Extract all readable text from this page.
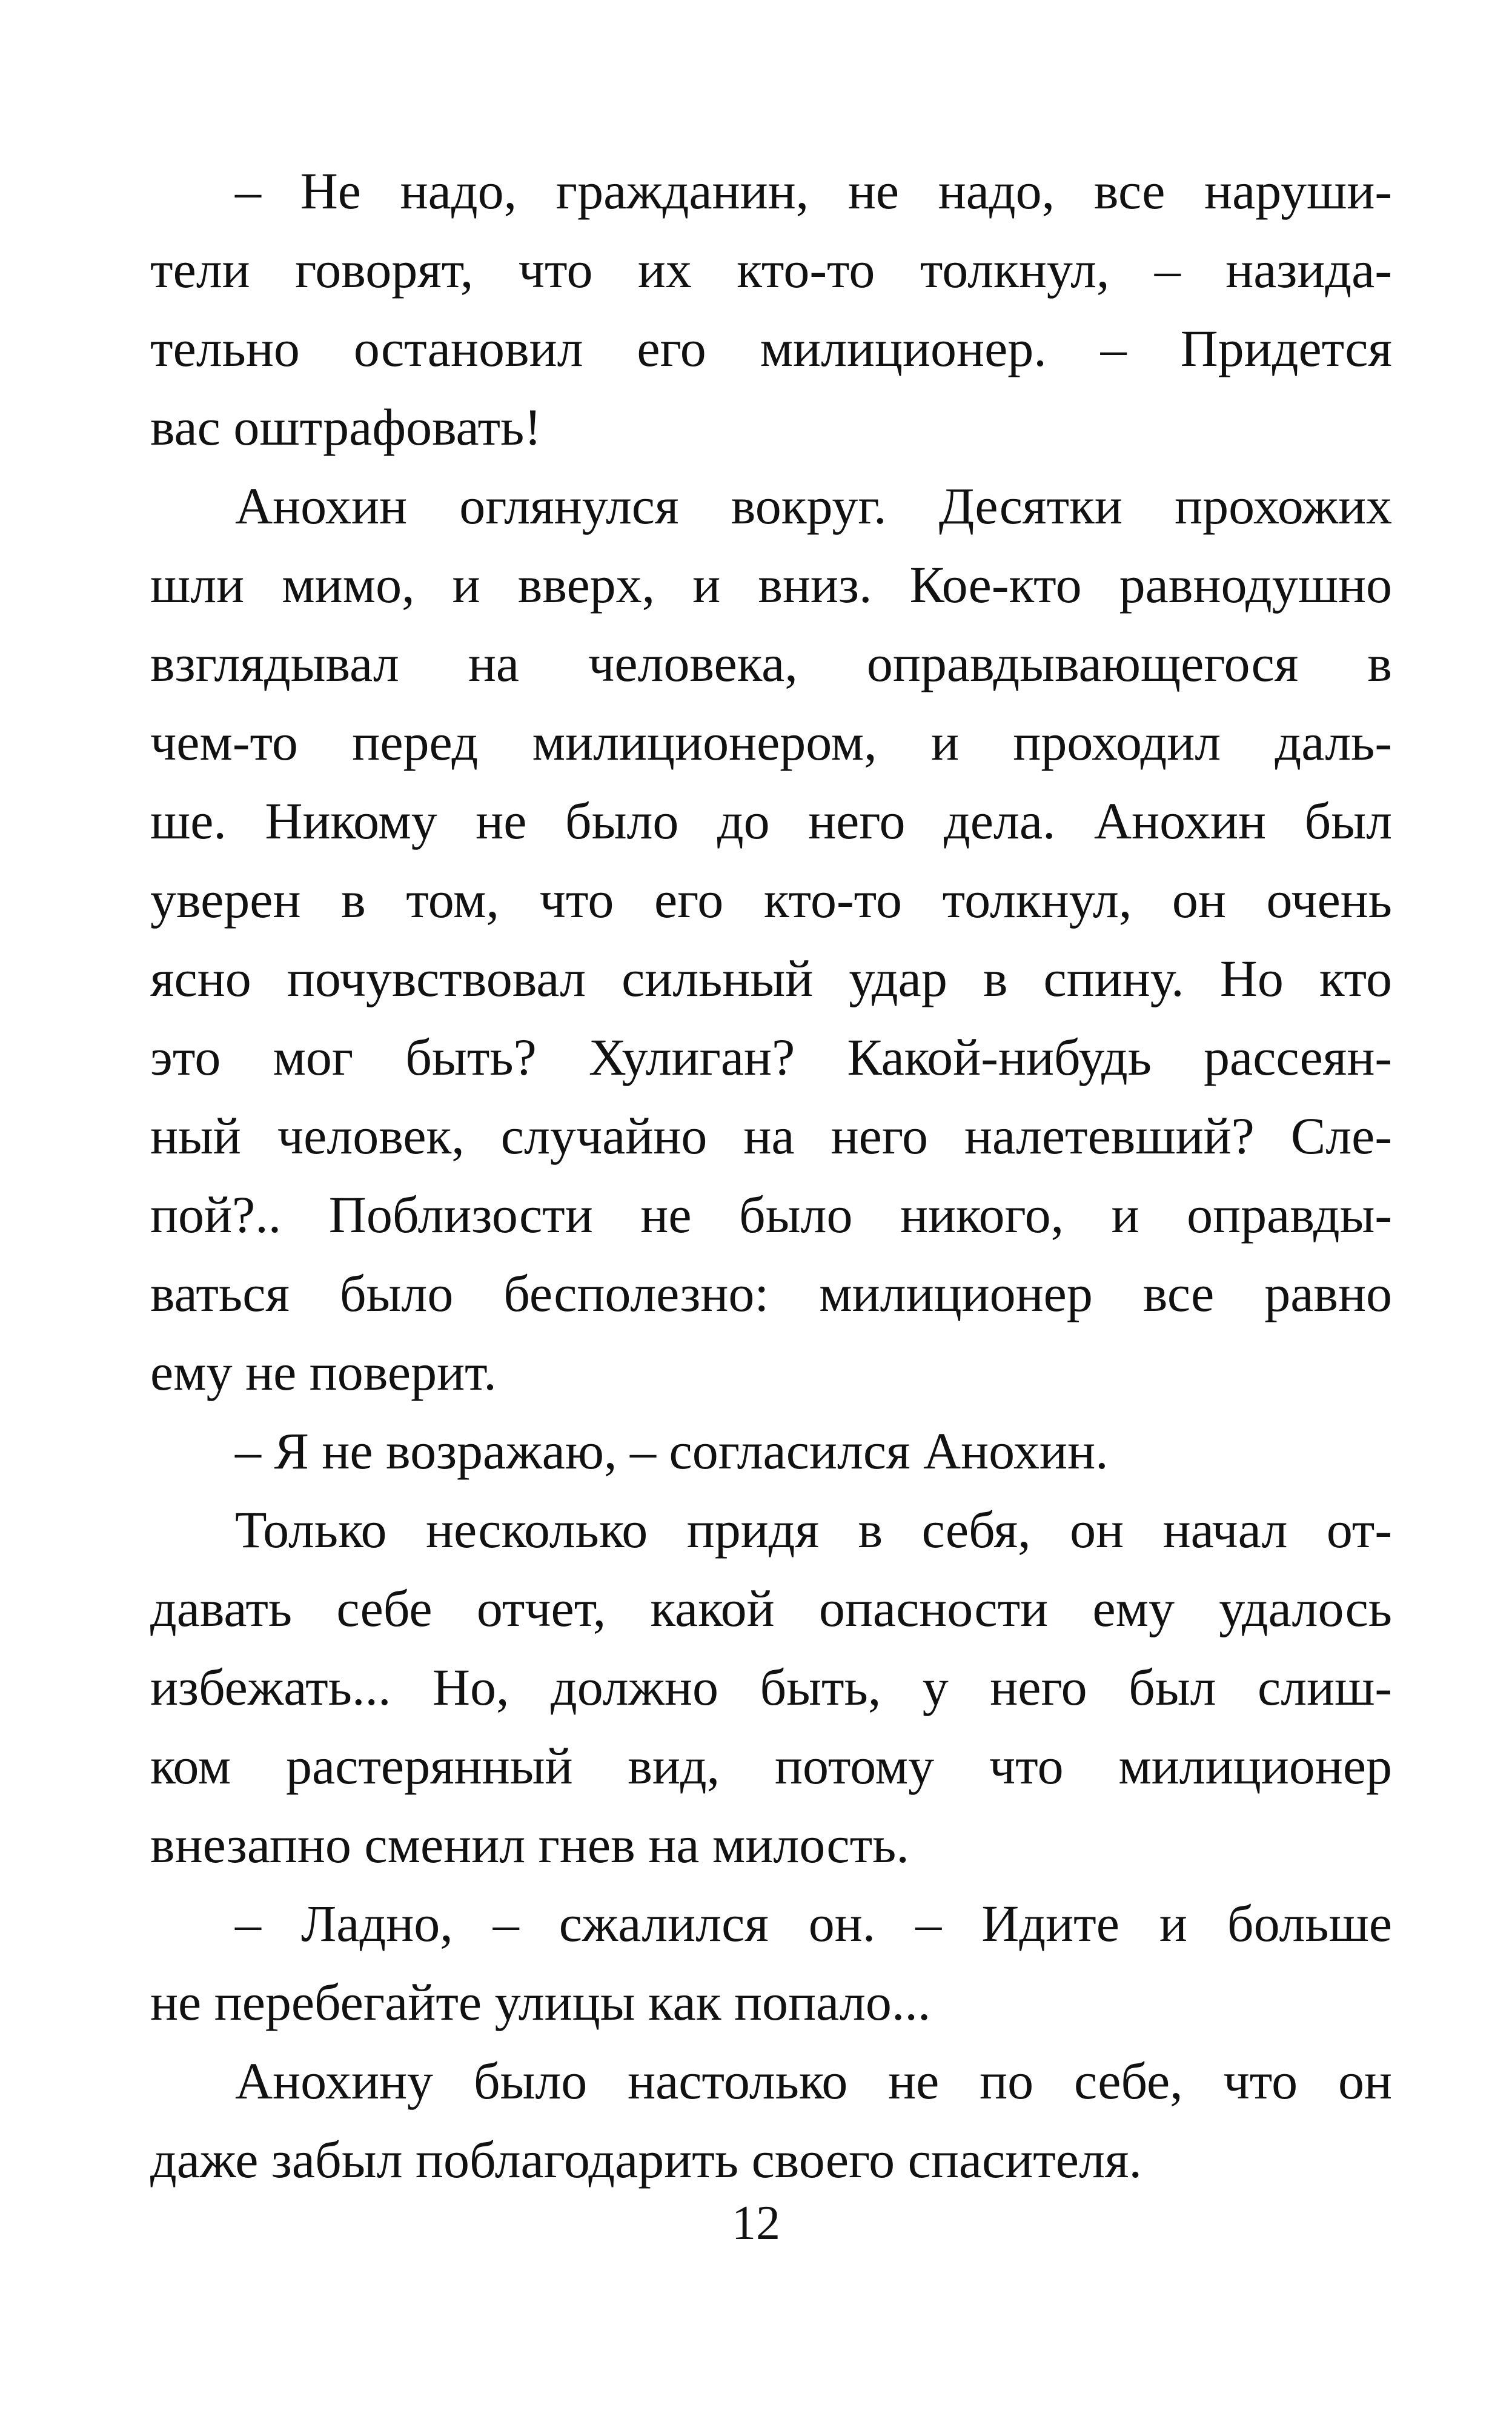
– Не надо, гражданин, не надо, все наруши-
тели говорят, что их кто-то толкнул, – назида-
тельно остановил его милиционер. – Придется
вас оштрафовать!
Анохин оглянулся вокруг. Десятки прохожих
шли мимо, и вверх, и вниз. Кое-кто равнодушно
взглядывал на человека, оправдывающегося в
чем-то перед милиционером, и проходил даль-
ше. Никому не было до него дела. Анохин был
уверен в том, что его кто-то толкнул, он очень
ясно почувствовал сильный удар в спину. Но кто
это мог быть? Хулиган? Какой-нибудь рассеян-
ный человек, случайно на него налетевший? Сле-
пой?.. Поблизости не было никого, и оправды-
ваться было бесполезно: милиционер все равно
ему не поверит.
– Я не возражаю, – согласился Анохин.
Только несколько придя в себя, он начал от-
давать себе отчет, какой опасности ему удалось
избежать... Но, должно быть, у него был слиш-
ком растерянный вид, потому что милиционер
внезапно сменил гнев на милость.
– Ладно, – сжалился он. – Идите и больше
не перебегайте улицы как попало...
Анохину было настолько не по себе, что он
даже забыл поблагодарить своего спасителя.
12
